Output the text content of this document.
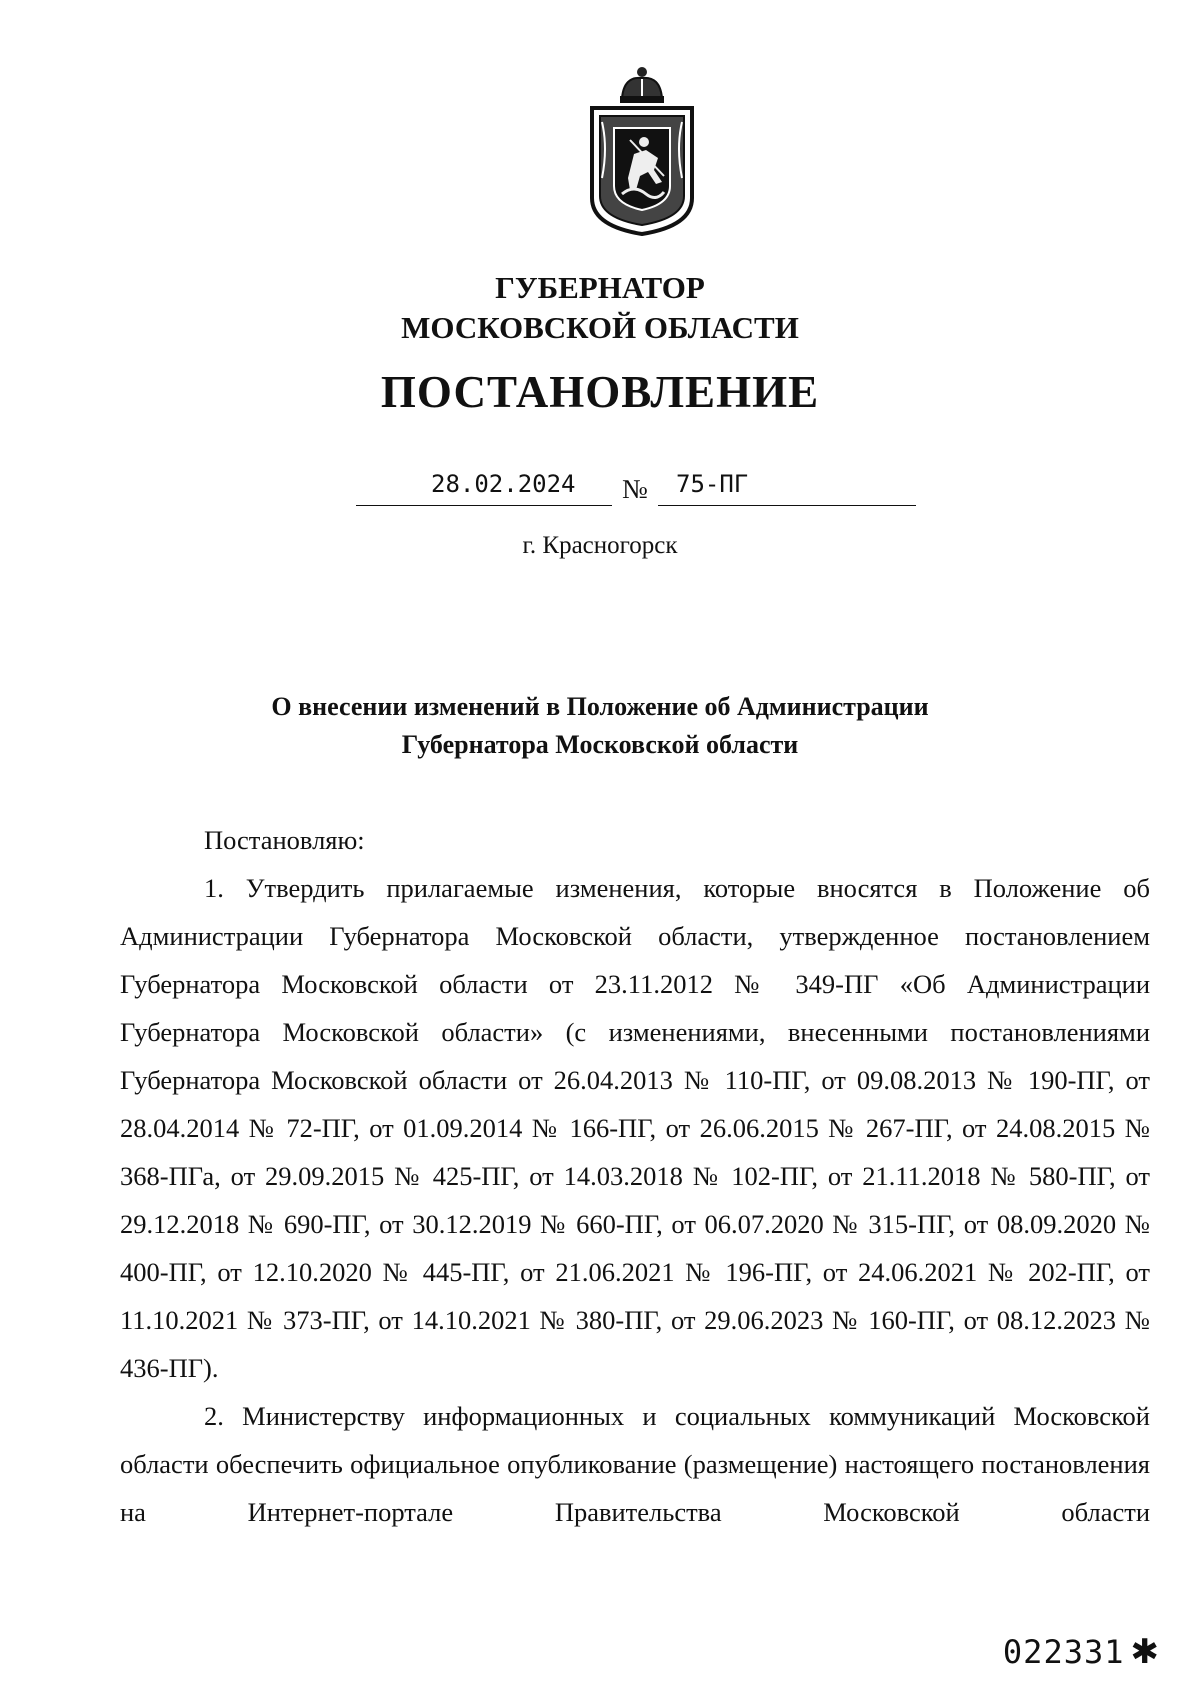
ГУБЕРНАТОР
МОСКОВСКОЙ ОБЛАСТИ
ПОСТАНОВЛЕНИЕ
28.02.2024 № 75-ПГ
г. Красногорск
О внесении изменений в Положение об Администрации
Губернатора Московской области

Постановляю:

1. Утвердить прилагаемые изменения, которые вносятся в Положение об Администрации Губернатора Московской области, утвержденное постановлением Губернатора Московской области от 23.11.2012 № 349-ПГ «Об Администрации Губернатора Московской области» (с изменениями, внесенными постановлениями Губернатора Московской области от 26.04.2013 № 110-ПГ, от 09.08.2013 № 190-ПГ, от 28.04.2014 № 72-ПГ, от 01.09.2014 № 166-ПГ, от 26.06.2015 № 267-ПГ, от 24.08.2015 № 368-ПГа, от 29.09.2015 № 425-ПГ, от 14.03.2018 № 102-ПГ, от 21.11.2018 № 580-ПГ, от 29.12.2018 № 690-ПГ, от 30.12.2019 № 660-ПГ, от 06.07.2020 № 315-ПГ, от 08.09.2020 № 400-ПГ, от 12.10.2020 № 445-ПГ, от 21.06.2021 № 196-ПГ, от 24.06.2021 № 202-ПГ, от 11.10.2021 № 373-ПГ, от 14.10.2021 № 380-ПГ, от 29.06.2023 № 160-ПГ, от 08.12.2023 № 436-ПГ).

2. Министерству информационных и социальных коммуникаций Московской области обеспечить официальное опубликование (размещение) настоящего постановления на Интернет-портале Правительства Московской области

022331 ✱
